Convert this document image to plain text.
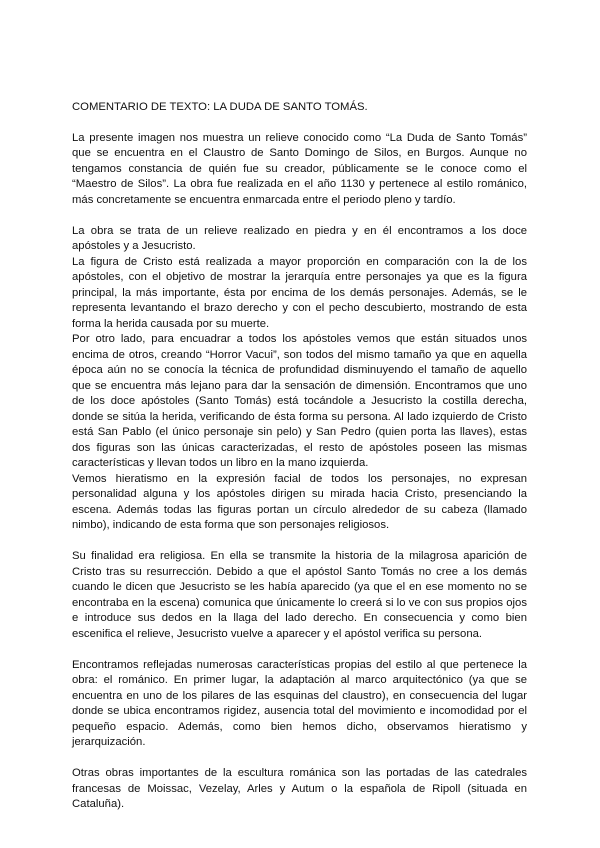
COMENTARIO DE TEXTO: LA DUDA DE SANTO TOMÁS.

La presente imagen nos muestra un relieve conocido como “La Duda de Santo Tomás” que se encuentra en el Claustro de Santo Domingo de Silos, en Burgos. Aunque no tengamos constancia de quién fue su creador, públicamente se le conoce como el “Maestro de Silos”. La obra fue realizada en el año 1130 y pertenece al estilo románico, más concretamente se encuentra enmarcada entre el periodo pleno y tardío.

La obra se trata de un relieve realizado en piedra y en él encontramos a los doce apóstoles y a Jesucristo.

La figura de Cristo está realizada a mayor proporción en comparación con la de los apóstoles, con el objetivo de mostrar la jerarquía entre personajes ya que es la figura principal, la más importante, ésta por encima de los demás personajes. Además, se le representa levantando el brazo derecho y con el pecho descubierto, mostrando de esta forma la herida causada por su muerte.

Por otro lado, para encuadrar a todos los apóstoles vemos que están situados unos encima de otros, creando “Horror Vacui”, son todos del mismo tamaño ya que en aquella época aún no se conocía la técnica de profundidad disminuyendo el tamaño de aquello que se encuentra más lejano para dar la sensación de dimensión. Encontramos que uno de los doce apóstoles (Santo Tomás) está tocándole a Jesucristo la costilla derecha, donde se sitúa la herida, verificando de ésta forma su persona. Al lado izquierdo de Cristo está San Pablo (el único personaje sin pelo) y San Pedro (quien porta las llaves), estas dos figuras son las únicas caracterizadas, el resto de apóstoles poseen las mismas características y llevan todos un libro en la mano izquierda.

Vemos hieratismo en la expresión facial de todos los personajes, no expresan personalidad alguna y los apóstoles dirigen su mirada hacia Cristo, presenciando la escena. Además todas las figuras portan un círculo alrededor de su cabeza (llamado nimbo), indicando de esta forma que son personajes religiosos.

Su finalidad era religiosa. En ella se transmite la historia de la milagrosa aparición de Cristo tras su resurrección. Debido a que el apóstol Santo Tomás no cree a los demás cuando le dicen que Jesucristo se les había aparecido (ya que el en ese momento no se encontraba en la escena) comunica que únicamente lo creerá si lo ve con sus propios ojos e introduce sus dedos en la llaga del lado derecho. En consecuencia y como bien escenifica el relieve, Jesucristo vuelve a aparecer y el apóstol verifica su persona.

Encontramos reflejadas numerosas características propias del estilo al que pertenece la obra: el románico. En primer lugar, la adaptación al marco arquitectónico (ya que se encuentra en uno de los pilares de las esquinas del claustro), en consecuencia del lugar donde se ubica encontramos rigidez, ausencia total del movimiento e incomodidad por el pequeño espacio. Además, como bien hemos dicho, observamos hieratismo y jerarquización.

Otras obras importantes de la escultura románica son las portadas de las catedrales francesas de Moissac, Vezelay, Arles y Autum o la española de Ripoll (situada en Cataluña).
